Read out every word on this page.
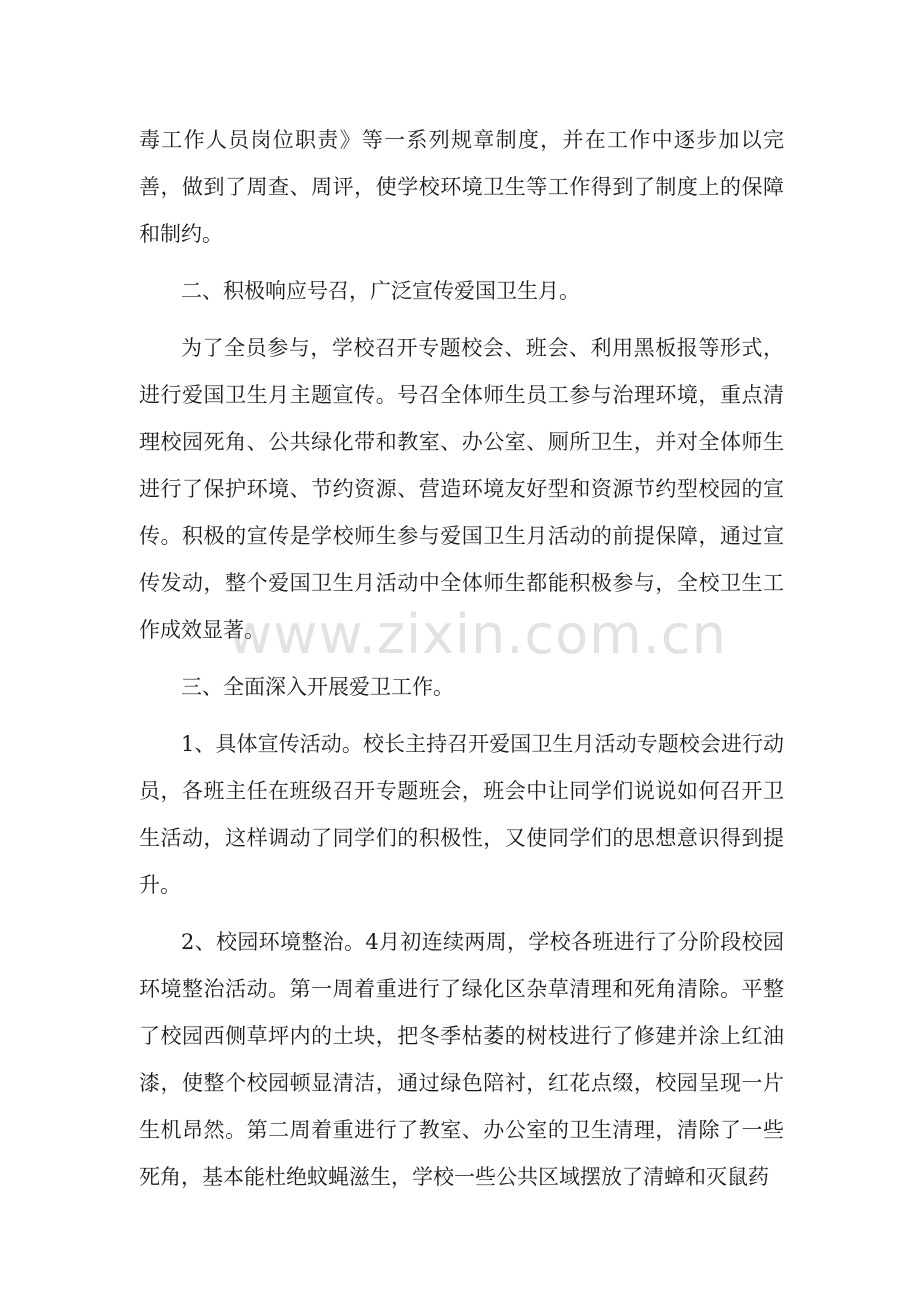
毒工作人员岗位职责》等一系列规章制度，并在工作中逐步加以完善，做到了周查、周评，使学校环境卫生等工作得到了制度上的保障和制约。

二、积极响应号召，广泛宣传爱国卫生月。

为了全员参与，学校召开专题校会、班会、利用黑板报等形式，进行爱国卫生月主题宣传。号召全体师生员工参与治理环境，重点清理校园死角、公共绿化带和教室、办公室、厕所卫生，并对全体师生进行了保护环境、节约资源、营造环境友好型和资源节约型校园的宣传。积极的宣传是学校师生参与爱国卫生月活动的前提保障，通过宣传发动，整个爱国卫生月活动中全体师生都能积极参与，全校卫生工作成效显著。

三、全面深入开展爱卫工作。

1、具体宣传活动。校长主持召开爱国卫生月活动专题校会进行动员，各班主任在班级召开专题班会，班会中让同学们说说如何召开卫生活动，这样调动了同学们的积极性，又使同学们的思想意识得到提升。

2、校园环境整治。4月初连续两周，学校各班进行了分阶段校园环境整治活动。第一周着重进行了绿化区杂草清理和死角清除。平整了校园西侧草坪内的土块，把冬季枯萎的树枝进行了修建并涂上红油漆，使整个校园顿显清洁，通过绿色陪衬，红花点缀，校园呈现一片生机昂然。第二周着重进行了教室、办公室的卫生清理，清除了一些死角，基本能杜绝蚊蝇滋生，学校一些公共区域摆放了清蟑和灭鼠药

www.zixin.com.cn
